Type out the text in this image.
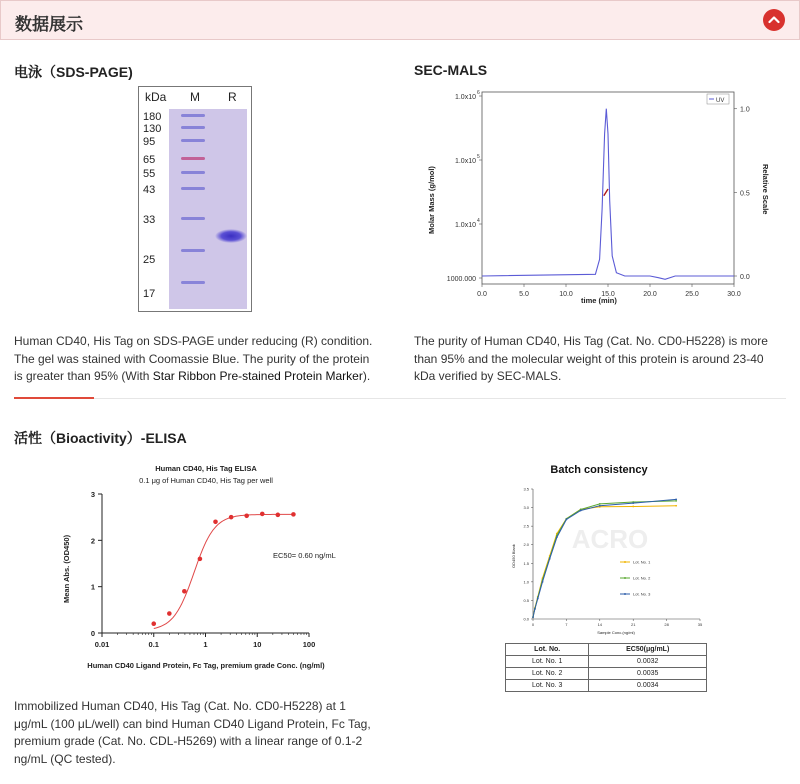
数据展示
电泳（SDS-PAGE)
kDa M R
180
130
95
65
55
43
33
25
17
Human CD40, His Tag on SDS-PAGE under reducing (R) condition. The gel was stained with Coomassie Blue. The purity of the protein is greater than 95% (With Star Ribbon Pre-stained Protein Marker).
SEC-MALS
0.0	5.0	10.0	15.0	20.0	25.0	30.0
1000.000
1.0x10
4
1.0x10
5
1.0x10
6
0.0
0.5
1.0
UV
time (min)
Molar Mass (g/mol)	Relative Scale
The purity of Human CD40, His Tag (Cat. No. CD0-H5228) is more than 95% and the molecular weight of this protein is around 23-40 kDa verified by SEC-MALS.
活性（Bioactivity）-ELISA
Human CD40, His Tag ELISA
0.1 μg of Human CD40, His Tag per well
0.01	0.1	1	10	100
0
1
2
3
EC50= 0.60 ng/mL
Human CD40 Ligand Protein, Fc Tag, premium grade Conc. (ng/ml)
Mean Abs. (OD450)
Immobilized Human CD40, His Tag (Cat. No. CD0-H5228) at 1 μg/mL (100 μL/well) can bind Human CD40 Ligand Protein, Fc Tag, premium grade (Cat. No. CDL-H5269) with a linear range of 0.1-2 ng/mL (QC tested).
Batch consistency
ACRO
0	7	14	21	28	35
0.0
0.5
1.0
1.5
2.0
2.5
3.0
3.5
Lot. No. 1
Lot. No. 2
Lot. No. 3
Sample Conc.(ng/ml)
OD450 Blank
Lot. No.	EC50(μg/mL)
Lot. No. 1	0.0032
Lot. No. 2	0.0035
Lot. No. 3	0.0034
